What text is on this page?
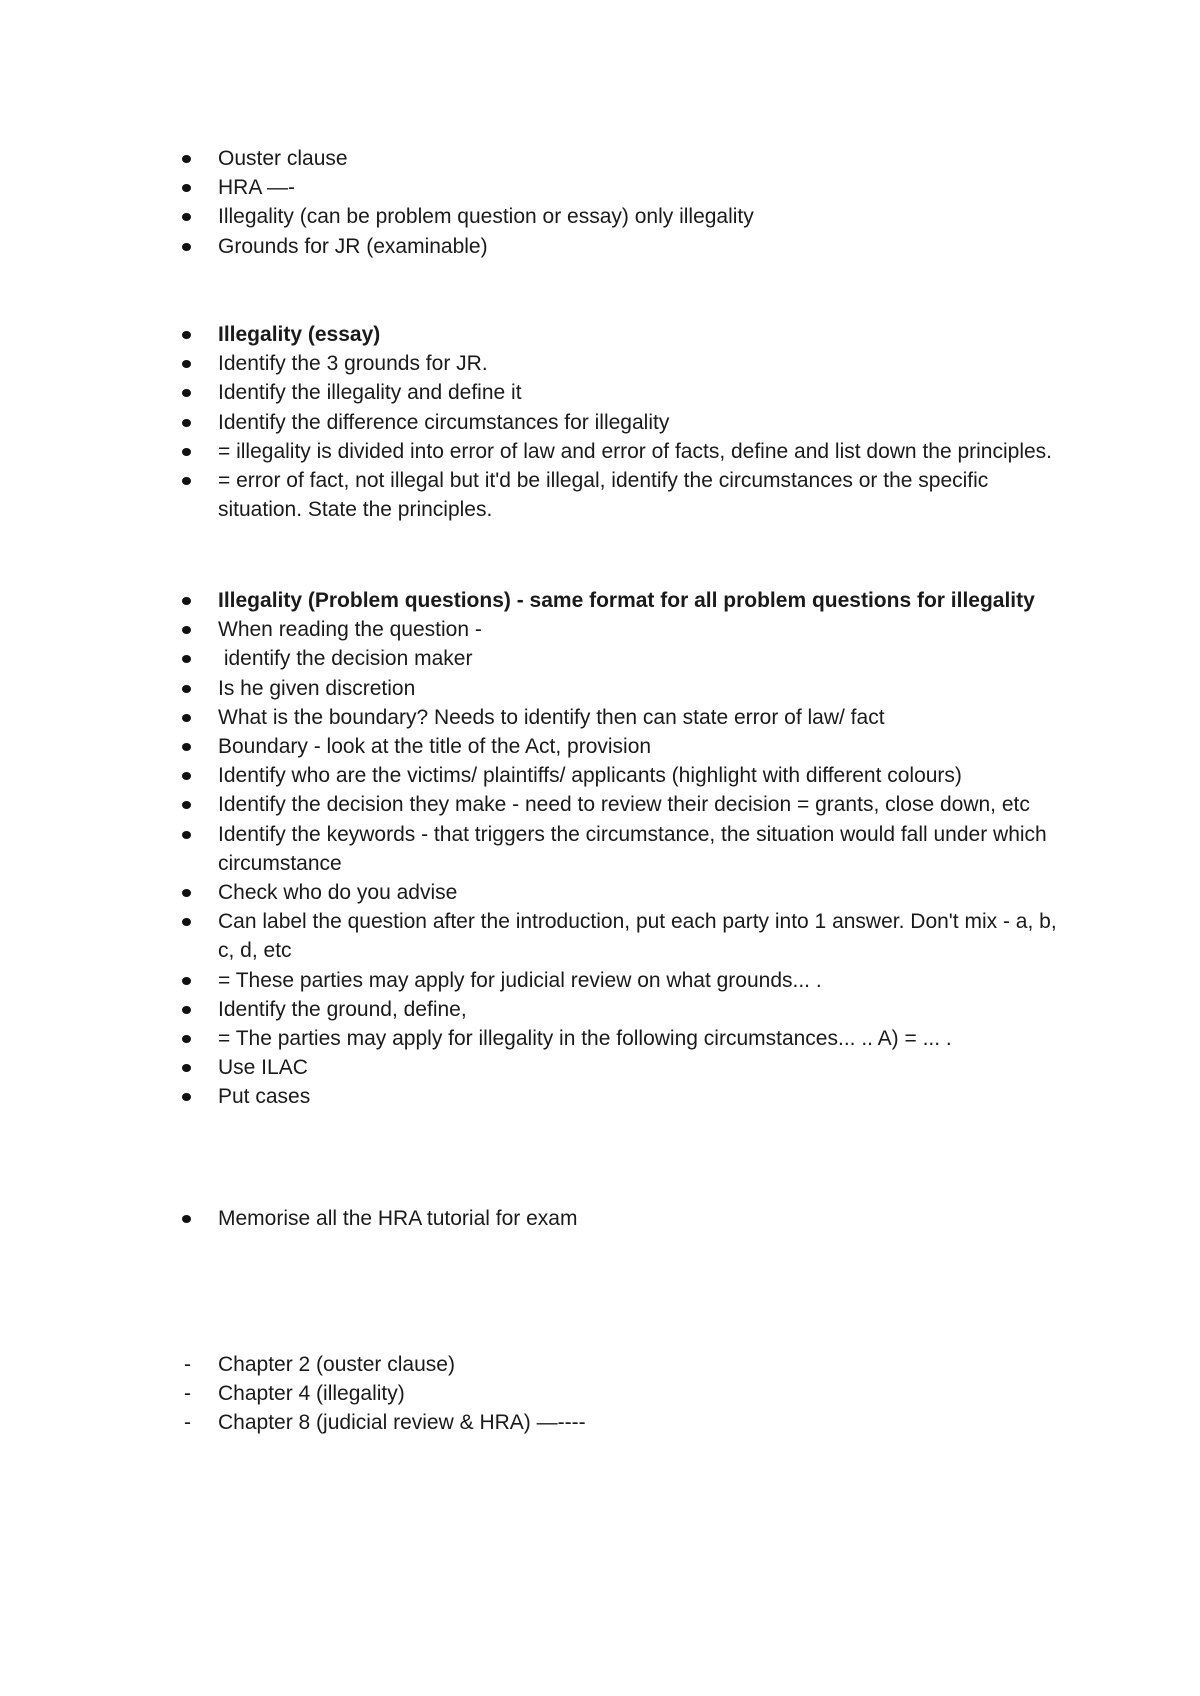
Ouster clause
HRA —-
Illegality (can be problem question or essay) only illegality
Grounds for JR (examinable)
Illegality (essay)
Identify the 3 grounds for JR.
Identify the illegality and define it
Identify the difference circumstances for illegality
= illegality is divided into error of law and error of facts, define and list down the principles.
= error of fact, not illegal but it'd be illegal, identify the circumstances or the specific situation. State the principles.
Illegality (Problem questions) - same format for all problem questions for illegality
When reading the question -
identify the decision maker
Is he given discretion
What is the boundary? Needs to identify then can state error of law/ fact
Boundary - look at the title of the Act, provision
Identify who are the victims/ plaintiffs/ applicants (highlight with different colours)
Identify the decision they make - need to review their decision = grants, close down, etc
Identify the keywords - that triggers the circumstance, the situation would fall under which circumstance
Check who do you advise
Can label the question after the introduction, put each party into 1 answer. Don't mix - a, b, c, d, etc
= These parties may apply for judicial review on what grounds... .
Identify the ground, define,
= The parties may apply for illegality in the following circumstances... .. A) = ... .
Use ILAC
Put cases
Memorise all the HRA tutorial for exam
- Chapter 2 (ouster clause)
- Chapter 4 (illegality)
- Chapter 8 (judicial review & HRA) —----
